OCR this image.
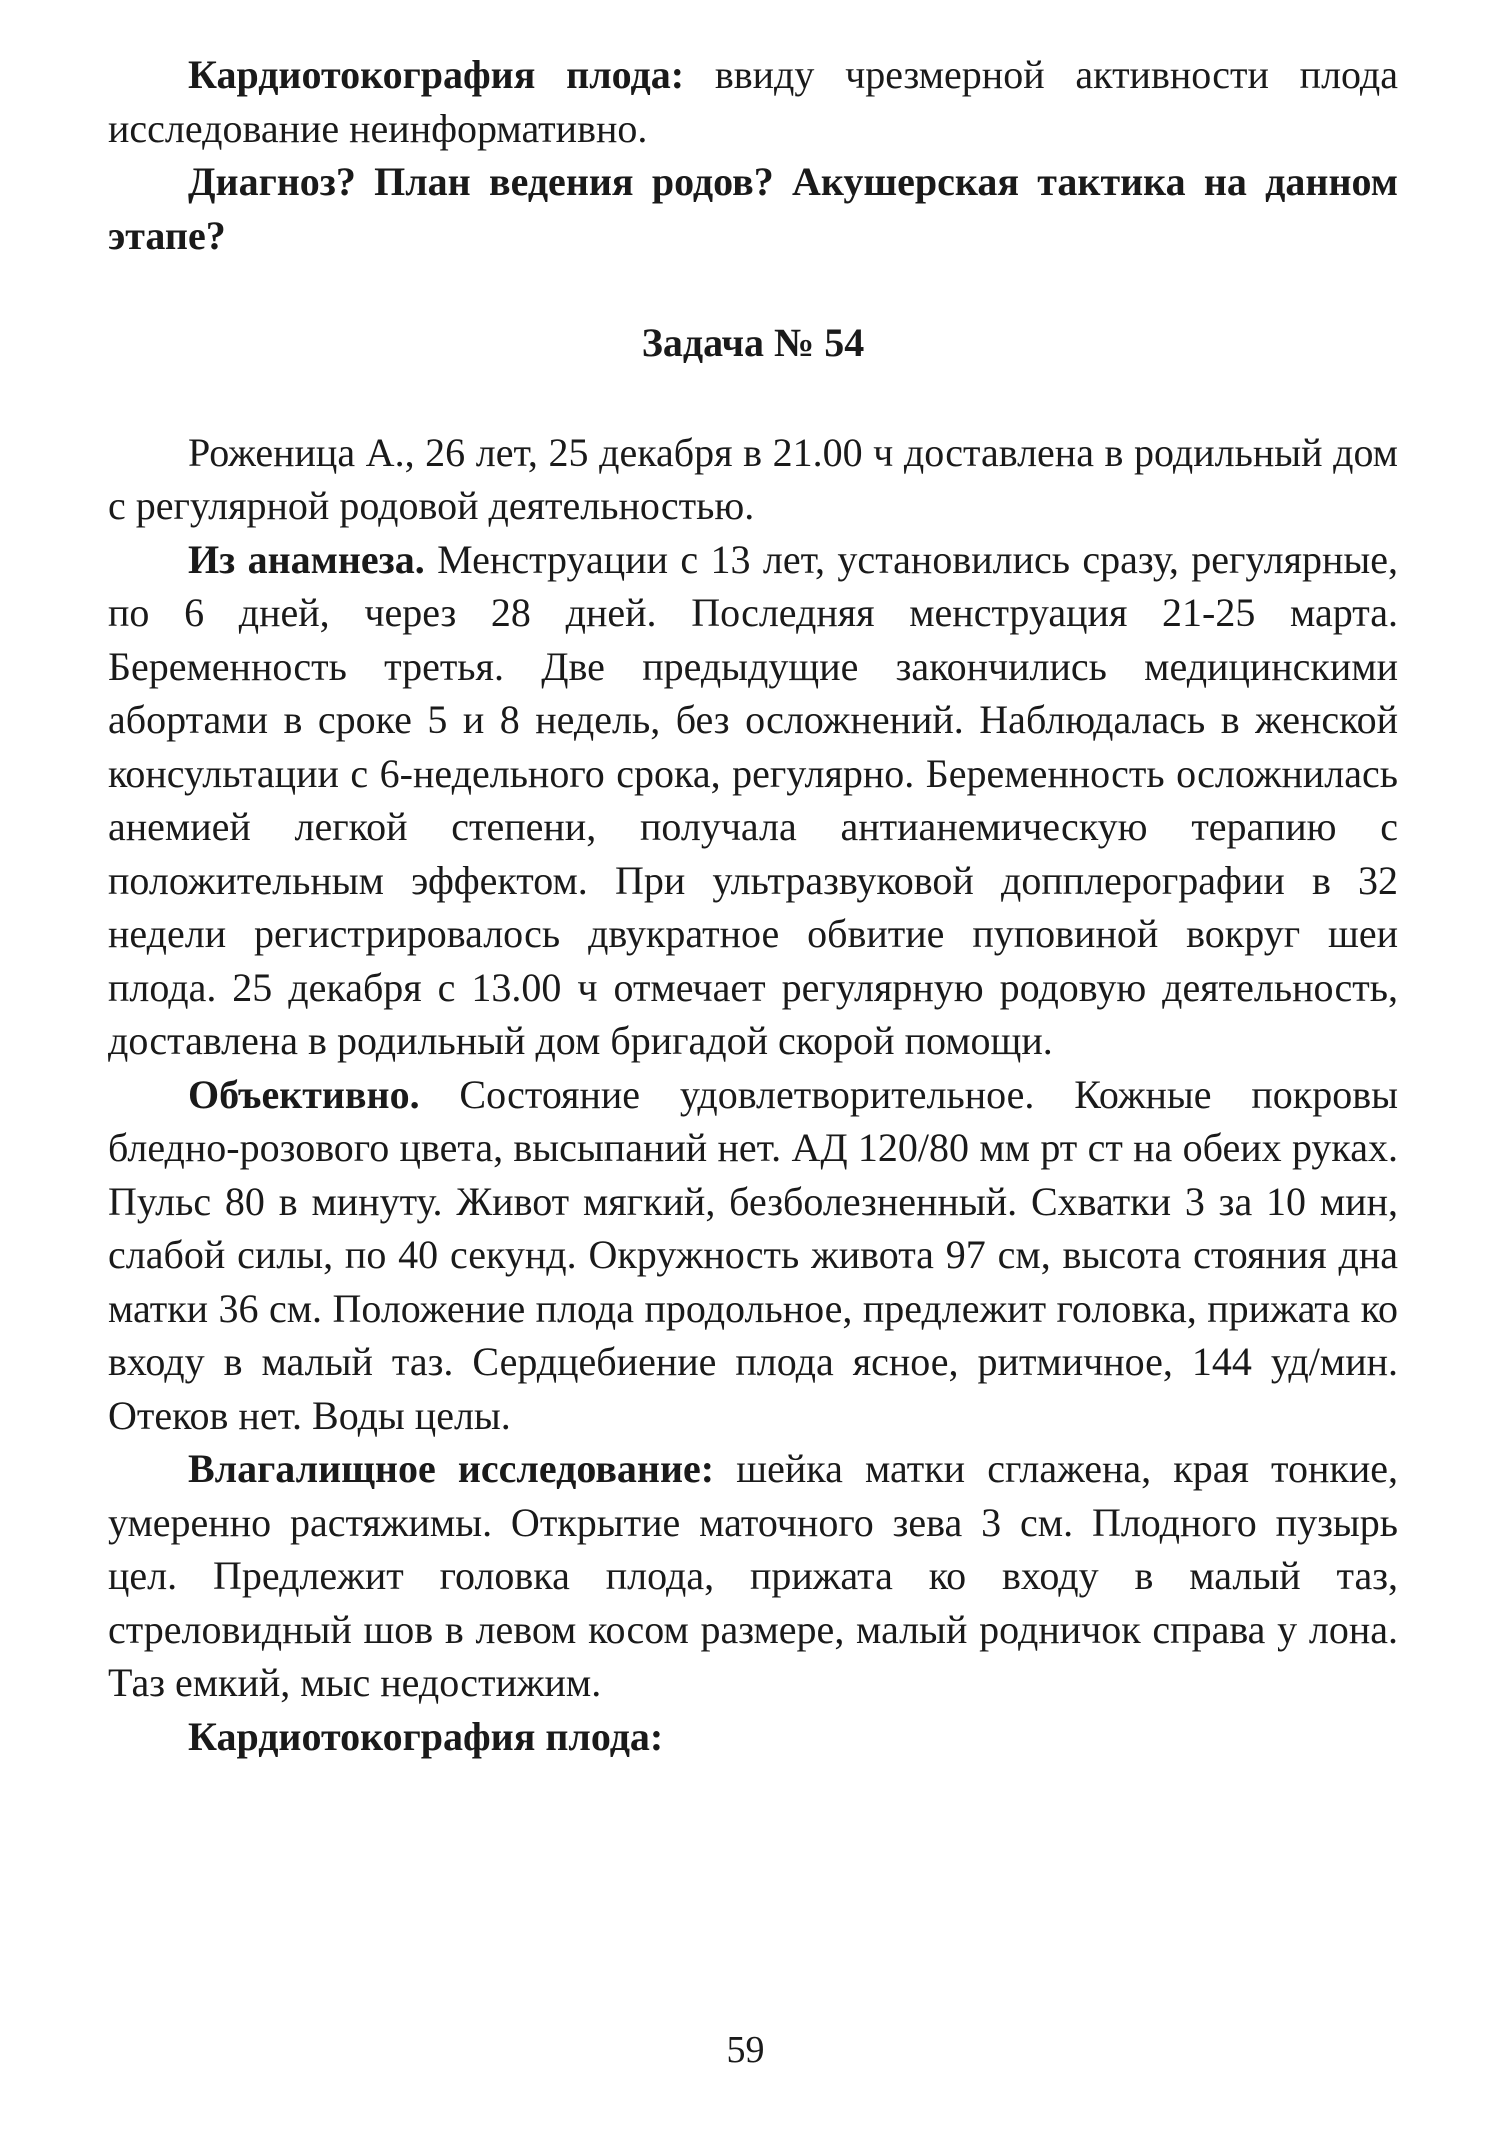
Кардиотокография плода: ввиду чрезмерной активности плода исследование неинформативно.

Диагноз? План ведения родов? Акушерская тактика на данном этапе?

Задача № 54

Роженица А., 26 лет, 25 декабря в 21.00 ч доставлена в родильный дом с регулярной родовой деятельностью.

Из анамнеза. Менструации с 13 лет, установились сразу, регулярные, по 6 дней, через 28 дней. Последняя менструация 21-25 марта. Беременность третья. Две предыдущие закончились медицинскими абортами в сроке 5 и 8 недель, без осложнений. Наблюдалась в женской консультации с 6-недельного срока, регулярно. Беременность осложнилась анемией легкой степени, получала антианемическую терапию с положительным эффектом. При ультразвуковой допплерографии в 32 недели регистрировалось двукратное обвитие пуповиной вокруг шеи плода. 25 декабря с 13.00 ч отмечает регулярную родовую деятельность, доставлена в родильный дом бригадой скорой помощи.

Объективно. Состояние удовлетворительное. Кожные покровы бледно-розового цвета, высыпаний нет. АД 120/80 мм рт ст на обеих руках. Пульс 80 в минуту. Живот мягкий, безболезненный. Схватки 3 за 10 мин, слабой силы, по 40 секунд. Окружность живота 97 см, высота стояния дна матки 36 см. Положение плода продольное, предлежит головка, прижата ко входу в малый таз. Сердцебиение плода ясное, ритмичное, 144 уд/мин. Отеков нет. Воды целы.

Влагалищное исследование: шейка матки сглажена, края тонкие, умеренно растяжимы. Открытие маточного зева 3 см. Плодного пузырь цел. Предлежит головка плода, прижата ко входу в малый таз, стреловидный шов в левом косом размере, малый родничок справа у лона. Таз емкий, мыс недостижим.

Кардиотокография плода:

59
